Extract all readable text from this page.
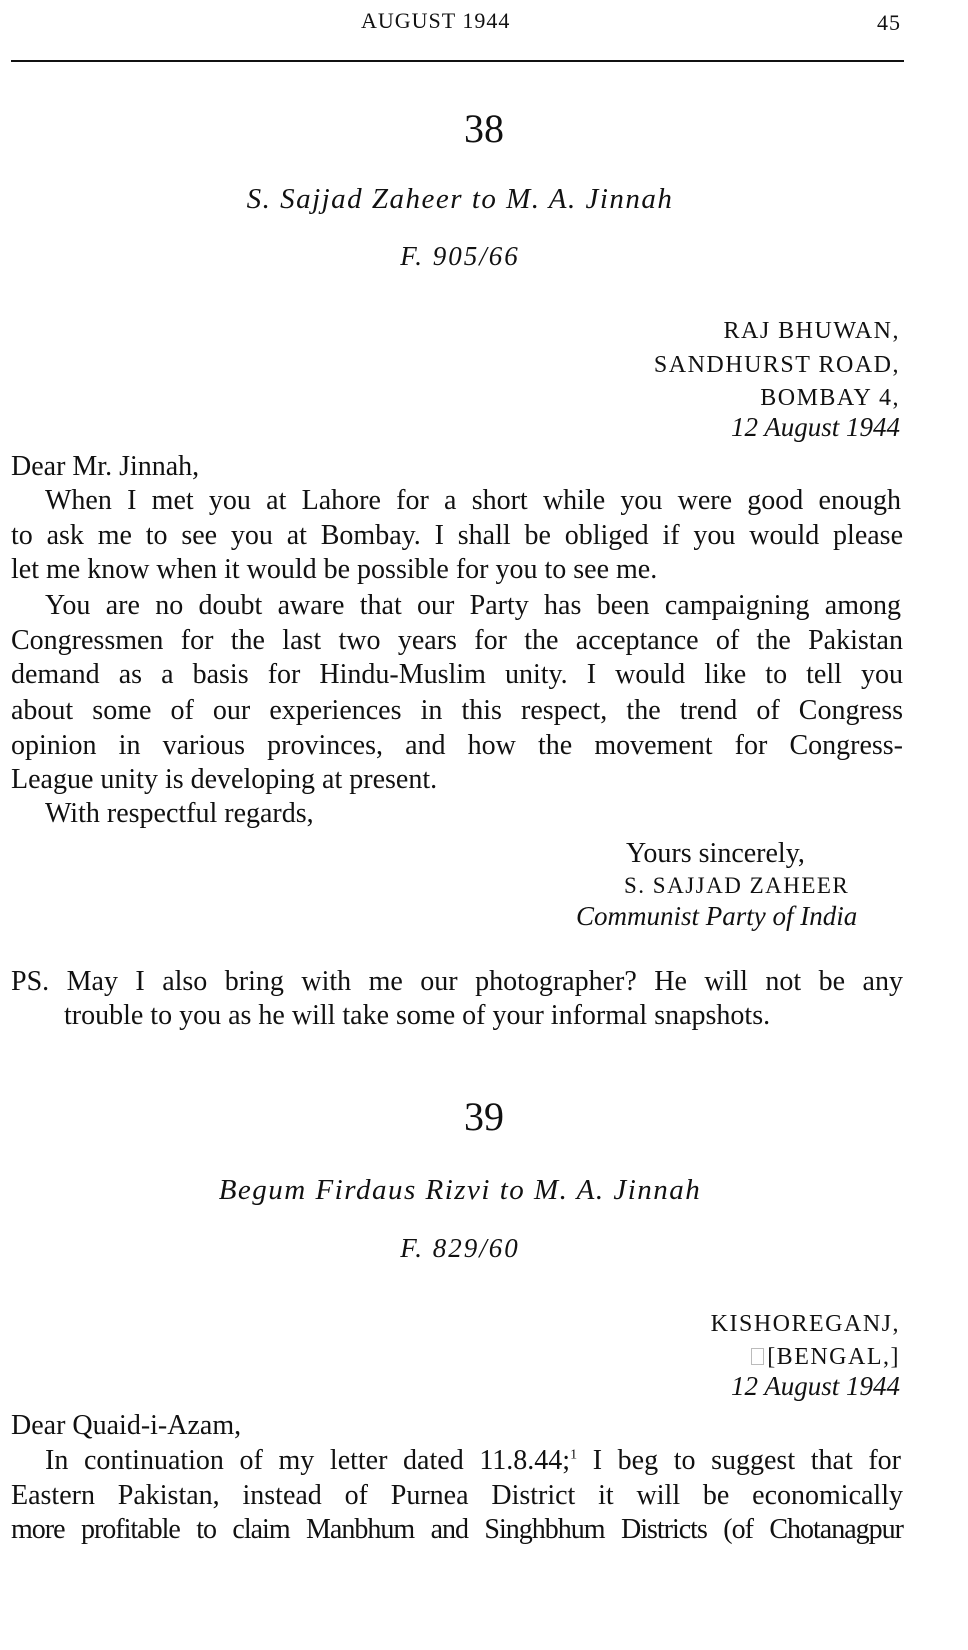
AUGUST 1944	45
38
S. Sajjad Zaheer to M. A. Jinnah
F. 905/66
RAJ BHUWAN,
SANDHURST ROAD,
BOMBAY 4,
12 August 1944
Dear Mr. Jinnah,
When I met you at Lahore for a short while you were good enough
to ask me to see you at Bombay. I shall be obliged if you would please
let me know when it would be possible for you to see me.
You are no doubt aware that our Party has been campaigning among
Congressmen for the last two years for the acceptance of the Pakistan
demand as a basis for Hindu-Muslim unity. I would like to tell you
about some of our experiences in this respect, the trend of Congress
opinion in various provinces, and how the movement for Congress-
League unity is developing at present.
With respectful regards,
Yours sincerely,
S. SAJJAD ZAHEER
Communist Party of India
PS. May I also bring with me our photographer? He will not be any
trouble to you as he will take some of your informal snapshots.
39
Begum Firdaus Rizvi to M. A. Jinnah
F. 829/60
KISHOREGANJ,
[BENGAL,]
12 August 1944
Dear Quaid-i-Azam,
In continuation of my letter dated 11.8.44;$^1$ I beg to suggest that for
Eastern Pakistan, instead of Purnea District it will be economically
more profitable to claim Manbhum and Singhbhum Districts (of Chotanagpur
